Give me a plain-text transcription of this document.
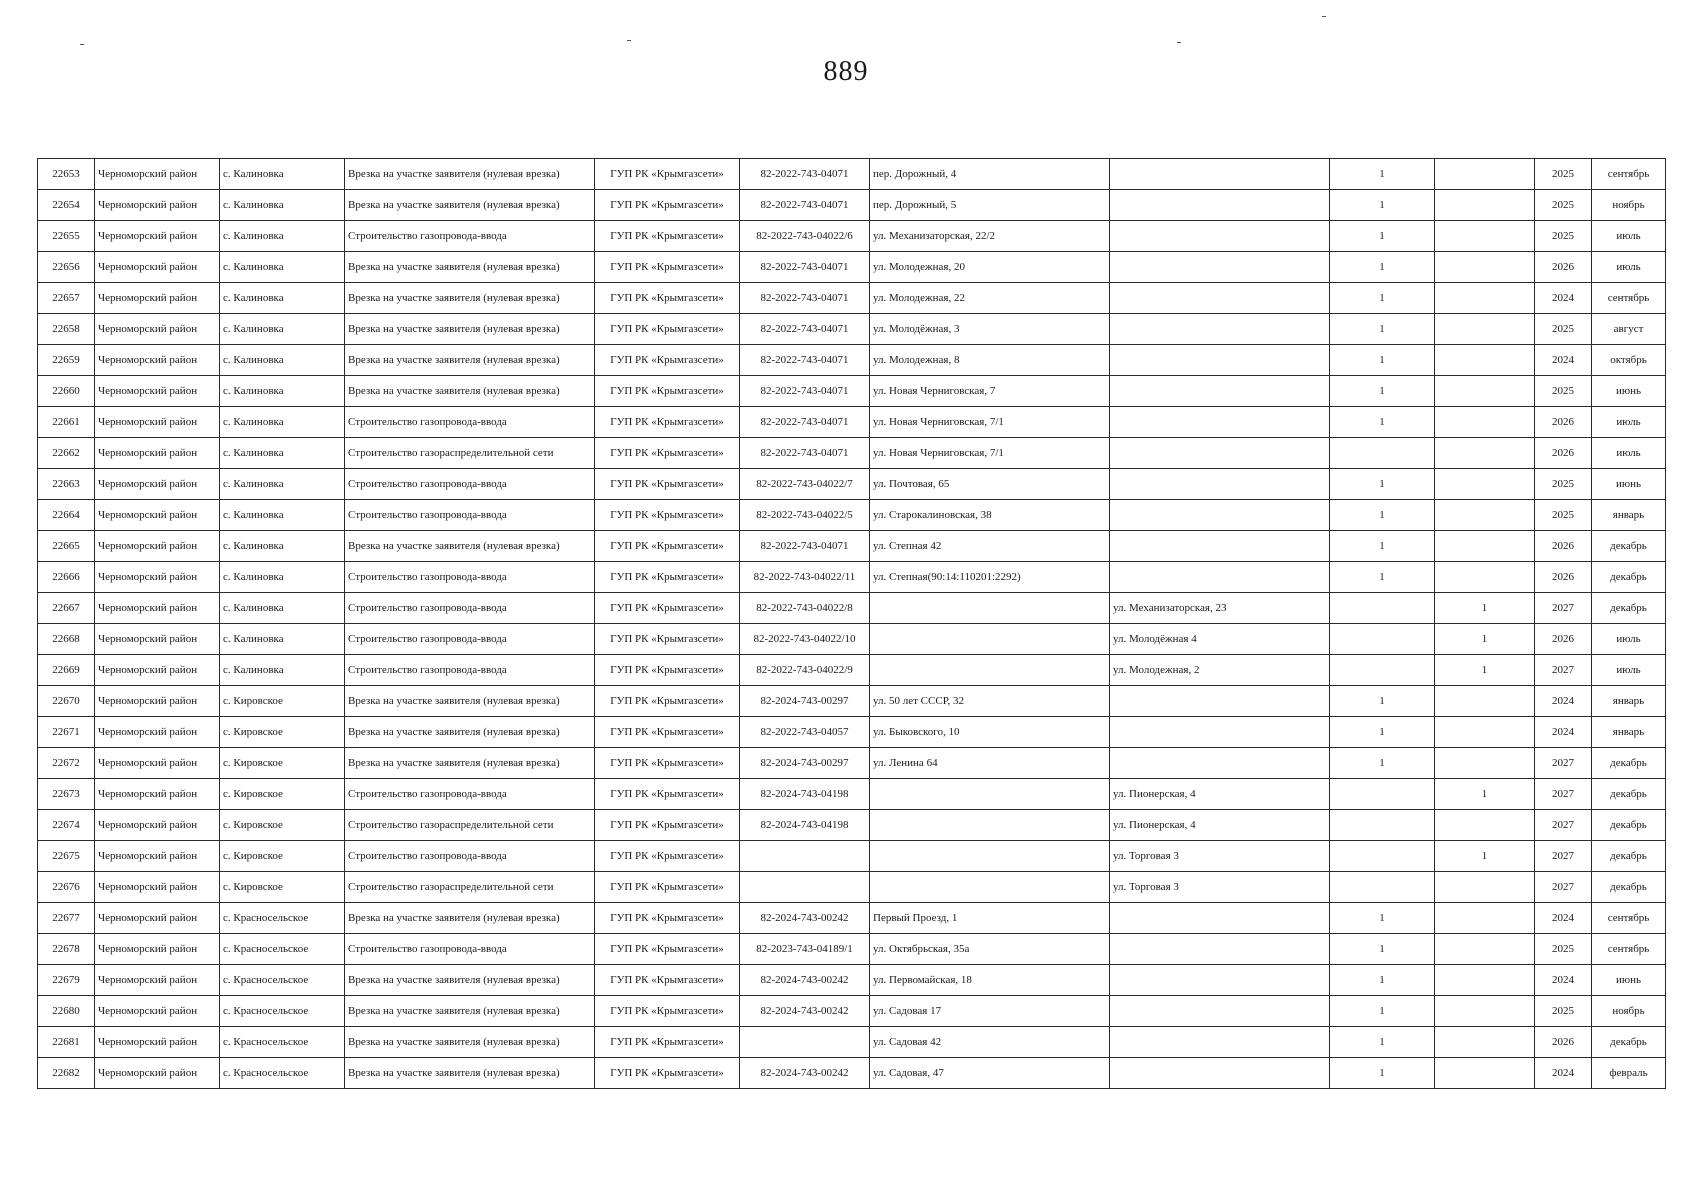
889
22653	Черноморский район	с. Калиновка	Врезка на участке заявителя (нулевая врезка)	ГУП РК «Крымгазсети»	82-2022-743-04071	пер. Дорожный, 4		1		2025	сентябрь
22654	Черноморский район	с. Калиновка	Врезка на участке заявителя (нулевая врезка)	ГУП РК «Крымгазсети»	82-2022-743-04071	пер. Дорожный, 5		1		2025	ноябрь
22655	Черноморский район	с. Калиновка	Строительство газопровода-ввода	ГУП РК «Крымгазсети»	82-2022-743-04022/6	ул. Механизаторская, 22/2		1		2025	июль
22656	Черноморский район	с. Калиновка	Врезка на участке заявителя (нулевая врезка)	ГУП РК «Крымгазсети»	82-2022-743-04071	ул. Молодежная, 20		1		2026	июль
22657	Черноморский район	с. Калиновка	Врезка на участке заявителя (нулевая врезка)	ГУП РК «Крымгазсети»	82-2022-743-04071	ул. Молодежная, 22		1		2024	сентябрь
22658	Черноморский район	с. Калиновка	Врезка на участке заявителя (нулевая врезка)	ГУП РК «Крымгазсети»	82-2022-743-04071	ул. Молодёжная, 3		1		2025	август
22659	Черноморский район	с. Калиновка	Врезка на участке заявителя (нулевая врезка)	ГУП РК «Крымгазсети»	82-2022-743-04071	ул. Молодежная, 8		1		2024	октябрь
22660	Черноморский район	с. Калиновка	Врезка на участке заявителя (нулевая врезка)	ГУП РК «Крымгазсети»	82-2022-743-04071	ул. Новая Черниговская, 7		1		2025	июнь
22661	Черноморский район	с. Калиновка	Строительство газопровода-ввода	ГУП РК «Крымгазсети»	82-2022-743-04071	ул. Новая Черниговская, 7/1		1		2026	июль
22662	Черноморский район	с. Калиновка	Строительство газораспределительной сети	ГУП РК «Крымгазсети»	82-2022-743-04071	ул. Новая Черниговская, 7/1				2026	июль
22663	Черноморский район	с. Калиновка	Строительство газопровода-ввода	ГУП РК «Крымгазсети»	82-2022-743-04022/7	ул. Почтовая, 65		1		2025	июнь
22664	Черноморский район	с. Калиновка	Строительство газопровода-ввода	ГУП РК «Крымгазсети»	82-2022-743-04022/5	ул. Старокалиновская, 38		1		2025	январь
22665	Черноморский район	с. Калиновка	Врезка на участке заявителя (нулевая врезка)	ГУП РК «Крымгазсети»	82-2022-743-04071	ул. Степная 42		1		2026	декабрь
22666	Черноморский район	с. Калиновка	Строительство газопровода-ввода	ГУП РК «Крымгазсети»	82-2022-743-04022/11	ул. Степная(90:14:110201:2292)		1		2026	декабрь
22667	Черноморский район	с. Калиновка	Строительство газопровода-ввода	ГУП РК «Крымгазсети»	82-2022-743-04022/8		ул. Механизаторская, 23		1	2027	декабрь
22668	Черноморский район	с. Калиновка	Строительство газопровода-ввода	ГУП РК «Крымгазсети»	82-2022-743-04022/10		ул. Молодёжная 4		1	2026	июль
22669	Черноморский район	с. Калиновка	Строительство газопровода-ввода	ГУП РК «Крымгазсети»	82-2022-743-04022/9		ул. Молодежная, 2		1	2027	июль
22670	Черноморский район	с. Кировское	Врезка на участке заявителя (нулевая врезка)	ГУП РК «Крымгазсети»	82-2024-743-00297	ул. 50 лет СССР, 32		1		2024	январь
22671	Черноморский район	с. Кировское	Врезка на участке заявителя (нулевая врезка)	ГУП РК «Крымгазсети»	82-2022-743-04057	ул. Быковского, 10		1		2024	январь
22672	Черноморский район	с. Кировское	Врезка на участке заявителя (нулевая врезка)	ГУП РК «Крымгазсети»	82-2024-743-00297	ул. Ленина 64		1		2027	декабрь
22673	Черноморский район	с. Кировское	Строительство газопровода-ввода	ГУП РК «Крымгазсети»	82-2024-743-04198		ул. Пионерская, 4		1	2027	декабрь
22674	Черноморский район	с. Кировское	Строительство газораспределительной сети	ГУП РК «Крымгазсети»	82-2024-743-04198		ул. Пионерская, 4			2027	декабрь
22675	Черноморский район	с. Кировское	Строительство газопровода-ввода	ГУП РК «Крымгазсети»			ул. Торговая 3		1	2027	декабрь
22676	Черноморский район	с. Кировское	Строительство газораспределительной сети	ГУП РК «Крымгазсети»			ул. Торговая 3			2027	декабрь
22677	Черноморский район	с. Красносельское	Врезка на участке заявителя (нулевая врезка)	ГУП РК «Крымгазсети»	82-2024-743-00242	Первый Проезд, 1		1		2024	сентябрь
22678	Черноморский район	с. Красносельское	Строительство газопровода-ввода	ГУП РК «Крымгазсети»	82-2023-743-04189/1	ул. Октябрьская, 35а		1		2025	сентябрь
22679	Черноморский район	с. Красносельское	Врезка на участке заявителя (нулевая врезка)	ГУП РК «Крымгазсети»	82-2024-743-00242	ул. Первомайская, 18		1		2024	июнь
22680	Черноморский район	с. Красносельское	Врезка на участке заявителя (нулевая врезка)	ГУП РК «Крымгазсети»	82-2024-743-00242	ул. Садовая 17		1		2025	ноябрь
22681	Черноморский район	с. Красносельское	Врезка на участке заявителя (нулевая врезка)	ГУП РК «Крымгазсети»		ул. Садовая 42		1		2026	декабрь
22682	Черноморский район	с. Красносельское	Врезка на участке заявителя (нулевая врезка)	ГУП РК «Крымгазсети»	82-2024-743-00242	ул. Садовая, 47		1		2024	февраль
